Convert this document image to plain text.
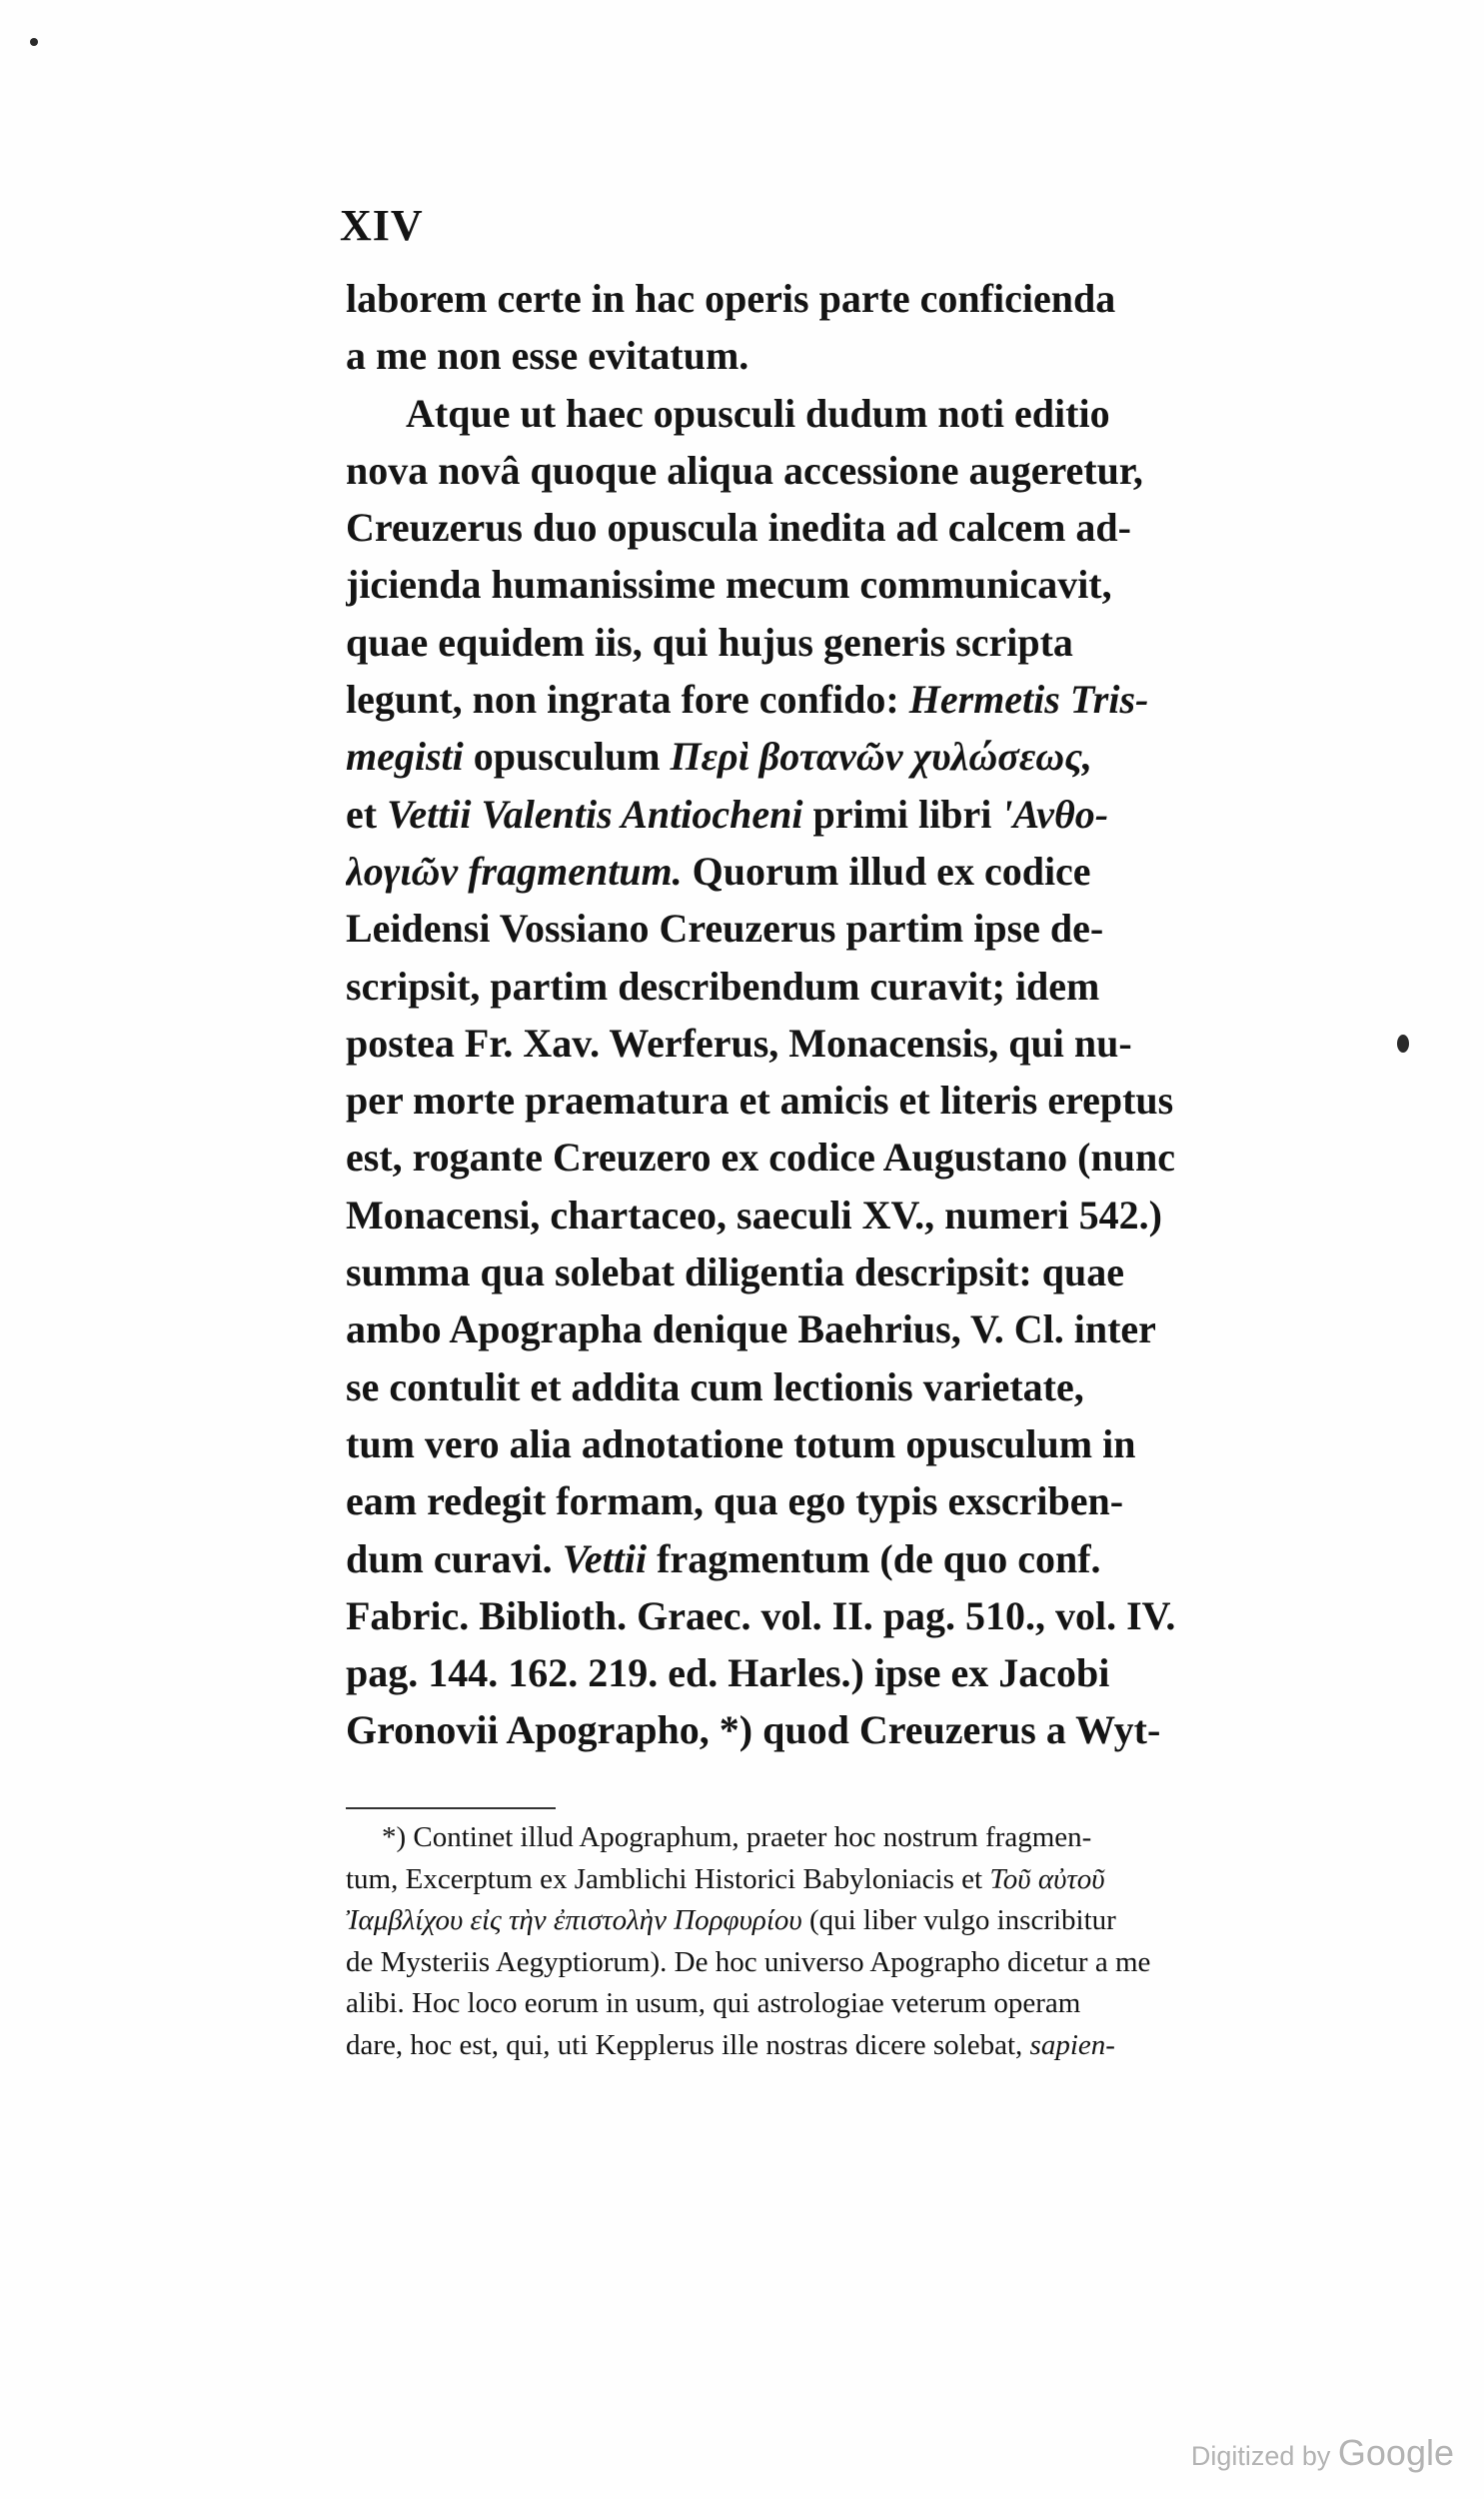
XIV
laborem certe in hac operis parte conficienda
a me non esse evitatum.
Atque ut haec opusculi dudum noti editio
nova novâ quoque aliqua accessione augeretur,
Creuzerus duo opuscula inedita ad calcem ad-
jicienda humanissime mecum communicavit,
quae equidem iis, qui hujus generis scripta
legunt, non ingrata fore confido: Hermetis Tris-
megisti opusculum Περὶ βοτανῶν χυλώσεως,
et Vettii Valentis Antiocheni primi libri 'Ανθο-
λογιῶν fragmentum. Quorum illud ex codice
Leidensi Vossiano Creuzerus partim ipse de-
scripsit, partim describendum curavit; idem
postea Fr. Xav. Werferus, Monacensis, qui nu-
per morte praematura et amicis et literis ereptus
est, rogante Creuzero ex codice Augustano (nunc
Monacensi, chartaceo, saeculi XV., numeri 542.)
summa qua solebat diligentia descripsit: quae
ambo Apographa denique Baehrius, V. Cl. inter
se contulit et addita cum lectionis varietate,
tum vero alia adnotatione totum opusculum in
eam redegit formam, qua ego typis exscriben-
dum curavi. Vettii fragmentum (de quo conf.
Fabric. Biblioth. Graec. vol. II. pag. 510., vol. IV.
pag. 144. 162. 219. ed. Harles.) ipse ex Jacobi
Gronovii Apographo, *) quod Creuzerus a Wyt-
*) Continet illud Apographum, praeter hoc nostrum fragmen-
tum, Excerptum ex Jamblichi Historici Babyloniacis et Τοῦ αὐτοῦ
Ἰαμβλίχου εἰς τὴν ἐπιστολὴν Πορφυρίου (qui liber vulgo inscribitur
de Mysteriis Aegyptiorum). De hoc universo Apographo dicetur a me
alibi. Hoc loco eorum in usum, qui astrologiae veterum operam
dare, hoc est, qui, uti Kepplerus ille nostras dicere solebat, sapien-
Digitized by Google
